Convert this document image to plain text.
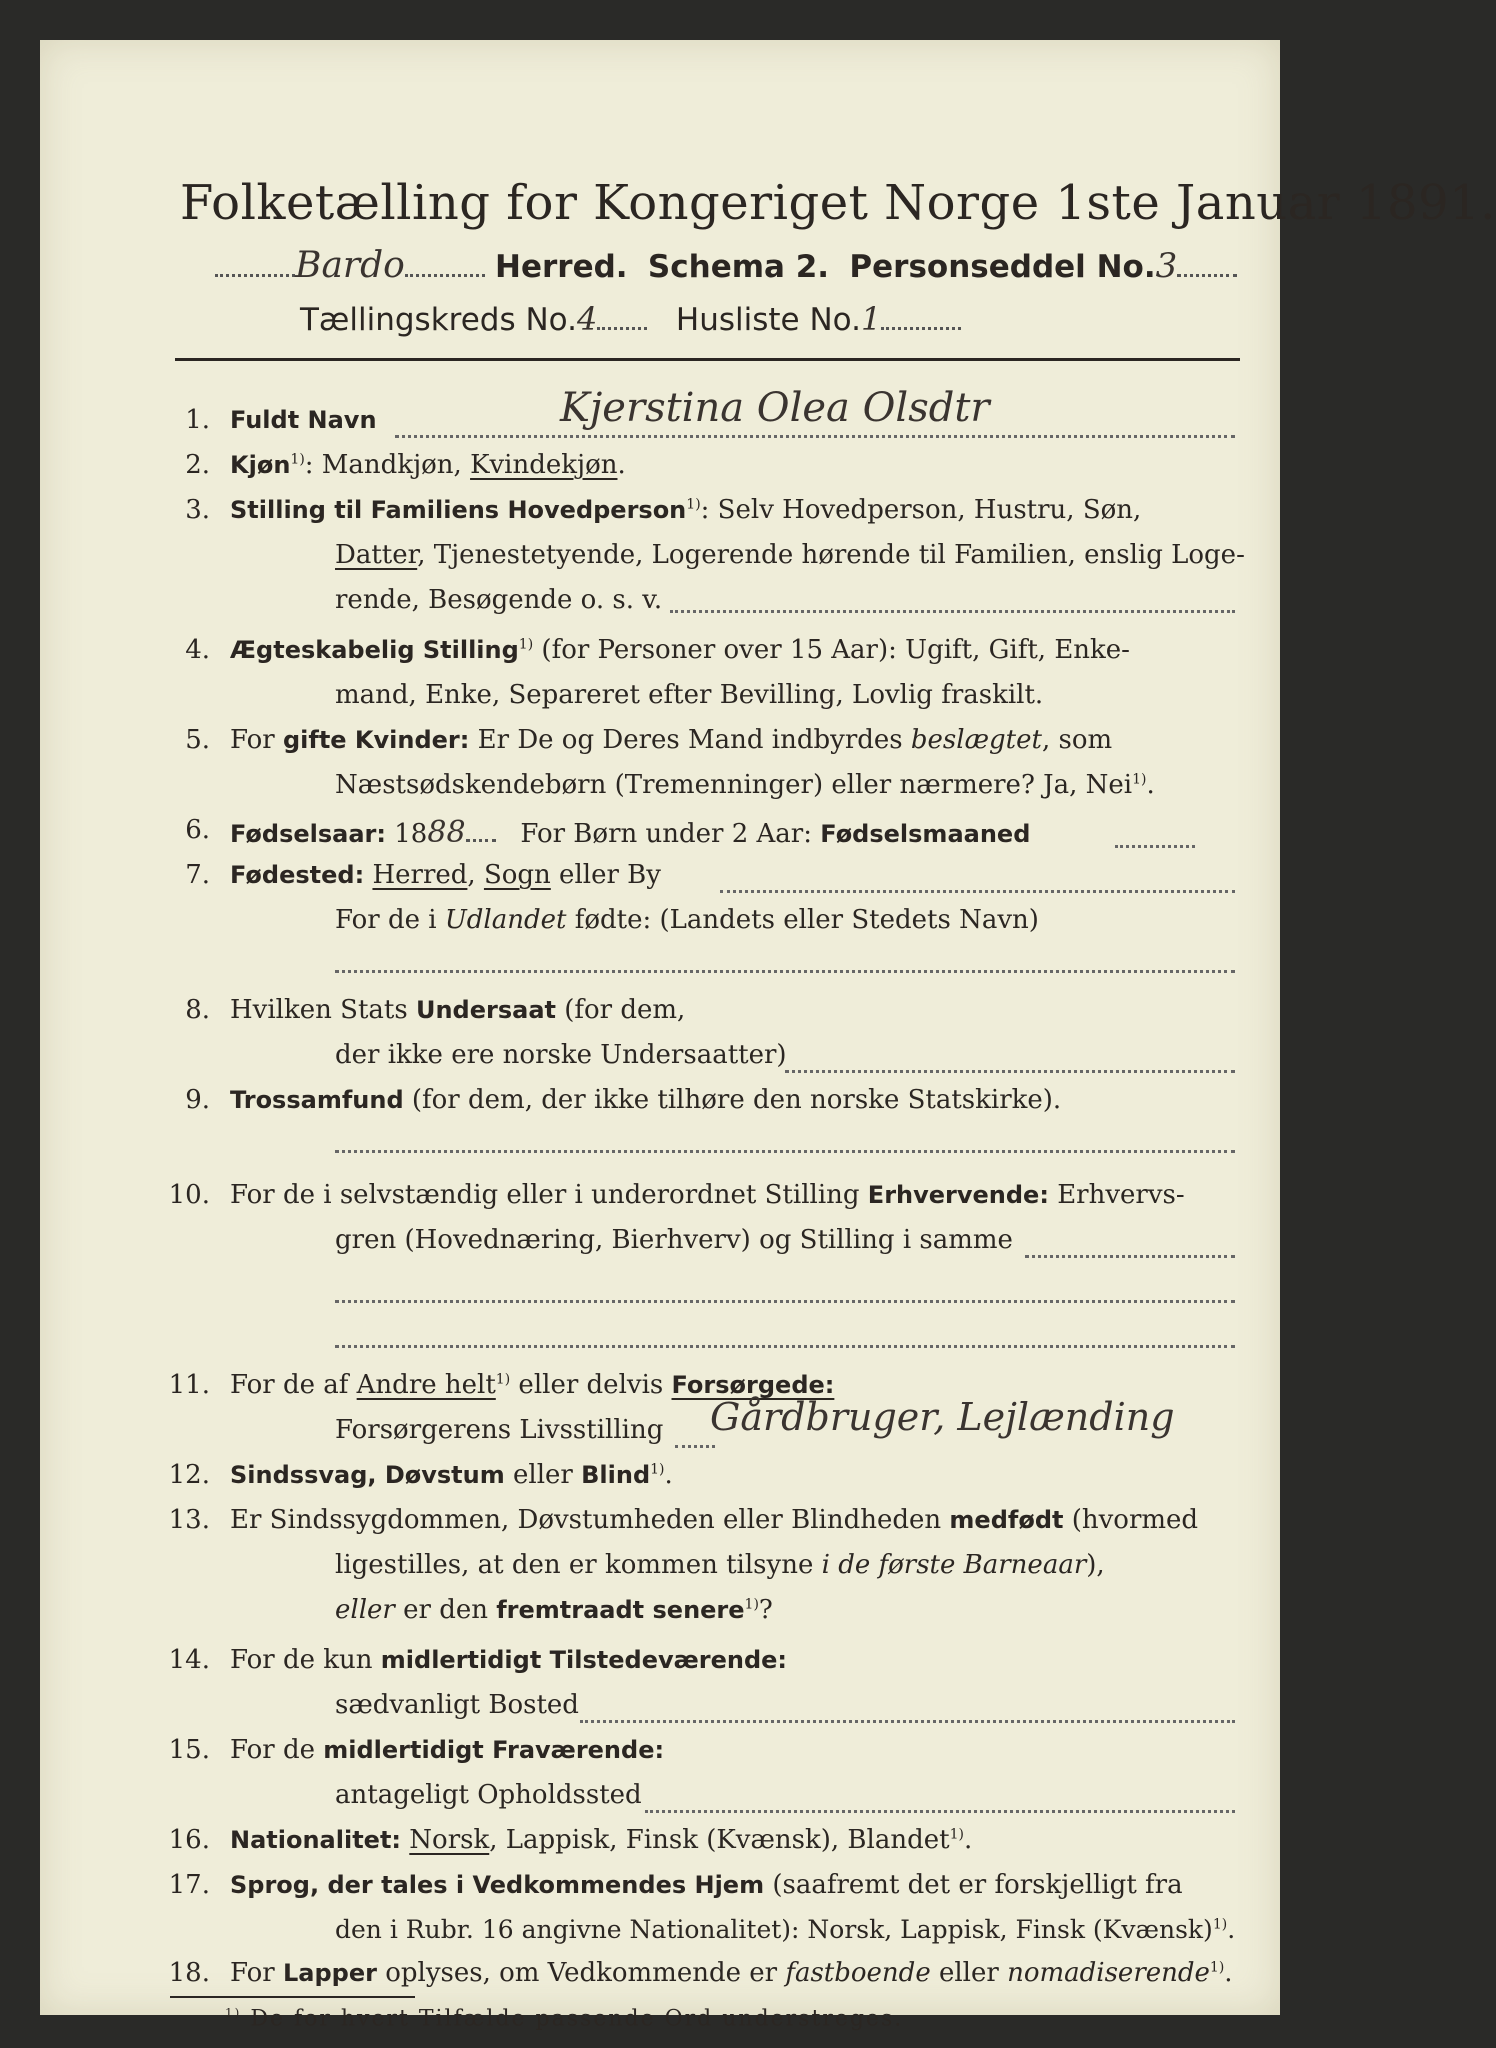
Folketælling for Kongeriget Norge 1ste Januar 1891.
Bardo	Herred. Schema 2. Personseddel No.3
Tællingskreds No.4	Husliste No.1
1. Fuldt Navn	Kjerstina Olea Olsdtr
2. Kjøn$^{1)}$: Mandkjøn, Kvindekjøn.
3. Stilling til Familiens Hovedperson$^{1)}$: Selv Hovedperson, Hustru, Søn,
Datter, Tjenestetyende, Logerende hørende til Familien, enslig Loge-
rende, Besøgende o. s. v.
4. Ægteskabelig Stilling$^{1)}$ (for Personer over 15 Aar): Ugift, Gift, Enke-
mand, Enke, Separeret efter Bevilling, Lovlig fraskilt.
5. For gifte Kvinder: Er De og Deres Mand indbyrdes beslægtet, som
Næstsødskendebørn (Tremenninger) eller nærmere? Ja, Nei$^{1)}$.
6. Fødselsaar: 1888 For Børn under 2 Aar: Fødselsmaaned
7. Fødested: Herred, Sogn eller By
For de i Udlandet fødte: (Landets eller Stedets Navn)
8. Hvilken Stats Undersaat (for dem,
der ikke ere norske Undersaatter)
9. Trossamfund (for dem, der ikke tilhøre den norske Statskirke).
10. For de i selvstændig eller i underordnet Stilling Erhvervende: Erhvervs-
gren (Hovednæring, Bierhverv) og Stilling i samme
11. For de af Andre helt$^{1)}$ eller delvis Forsørgede:
Forsørgerens Livsstilling Gårdbruger, Lejlænding
12. Sindssvag, Døvstum eller Blind$^{1)}$.
13. Er Sindssygdommen, Døvstumheden eller Blindheden medfødt (hvormed
ligestilles, at den er kommen tilsyne i de første Barneaar),
eller er den fremtraadt senere$^{1)}$?
14. For de kun midlertidigt Tilstedeværende:
sædvanligt Bosted
15. For de midlertidigt Fraværende:
antageligt Opholdssted
16. Nationalitet: Norsk, Lappisk, Finsk (Kvænsk), Blandet$^{1)}$.
17. Sprog, der tales i Vedkommendes Hjem (saafremt det er forskjelligt fra
den i Rubr. 16 angivne Nationalitet): Norsk, Lappisk, Finsk (Kvænsk)$^{1)}$.
18. For Lapper oplyses, om Vedkommende er fastboende eller nomadiserende$^{1)}$.
$^{1)}$ De for hvert Tilfælde passende Ord understreges.
